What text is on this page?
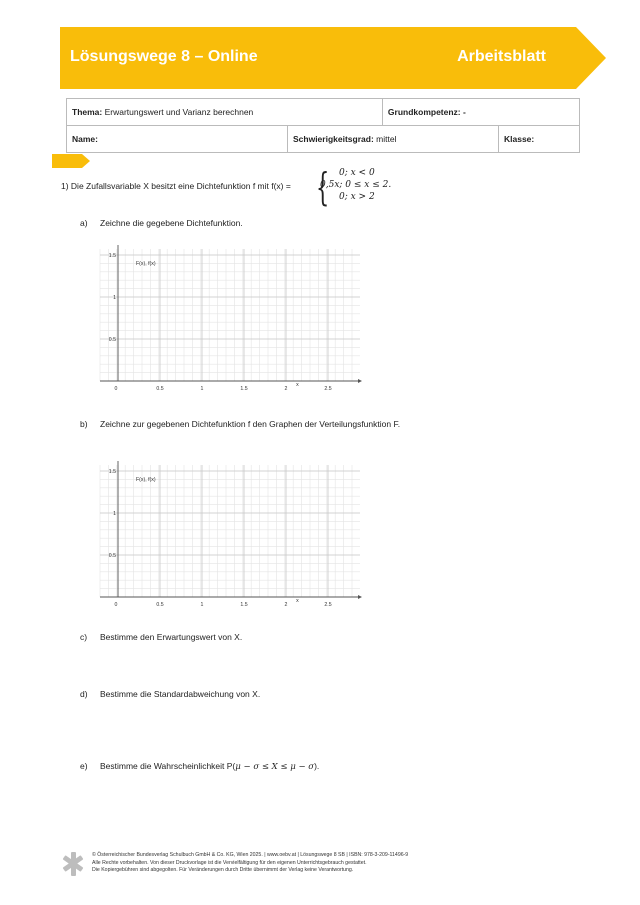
Lösungswege 8 – Online	Arbeitsblatt
Thema: Erwartungswert und Varianz berechnen		Grundkompetenz: -	
Name:	Schwierigkeitsgrad: mittel		Klasse:
1) Die Zufallsvariable X besitzt eine Dichtefunktion f mit f(x) = { 0; x < 0
0,5x; 0 ≤ x ≤ 2.
0; x > 2
a) Zeichne die gegebene Dichtefunktion.
0	0.5	1	1.5	2	2.5
x
1.5
1
0.5
F(x), f(x)
b) Zeichne zur gegebenen Dichtefunktion f den Graphen der Verteilungsfunktion F.
0	0.5	1	1.5	2	2.5
x
1.5
1
0.5
F(x), f(x)
c) Bestimme den Erwartungswert von X.
d) Bestimme die Standardabweichung von X.
e) Bestimme die Wahrscheinlichkeit P(μ − σ ≤ X ≤ μ − σ).
© Österreichischer Bundesverlag Schulbuch GmbH & Co. KG, Wien 2025. | www.oebv.at | Lösungswege 8 SB | ISBN: 978-3-209-11496-9
Alle Rechte vorbehalten. Von dieser Druckvorlage ist die Vervielfältigung für den eigenen Unterrichtsgebrauch gestattet.
Die Kopiergebühren sind abgegolten. Für Veränderungen durch Dritte übernimmt der Verlag keine Verantwortung.
